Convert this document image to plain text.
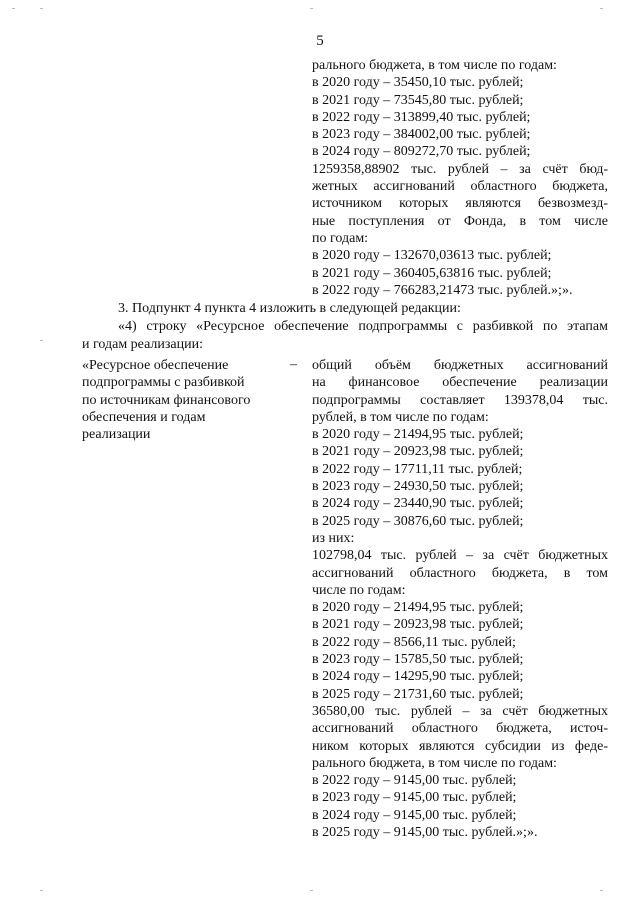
5
рального бюджета, в том числе по годам:
в 2020 году – 35450,10 тыс. рублей;
в 2021 году – 73545,80 тыс. рублей;
в 2022 году – 313899,40 тыс. рублей;
в 2023 году – 384002,00 тыс. рублей;
в 2024 году – 809272,70 тыс. рублей;
1259358,88902 тыс. рублей – за счёт бюд-
жетных ассигнований областного бюджета,
источником которых являются безвозмезд-
ные поступления от Фонда, в том числе
по годам:
в 2020 году – 132670,03613 тыс. рублей;
в 2021 году – 360405,63816 тыс. рублей;
в 2022 году – 766283,21473 тыс. рублей.»;».
3. Подпункт 4 пункта 4 изложить в следующей редакции:
«4) строку «Ресурсное обеспечение подпрограммы с разбивкой по этапам
и годам реализации:
«Ресурсное обеспечение
подпрограммы с разбивкой
по источникам финансового
обеспечения и годам
реализации
– общий объём бюджетных ассигнований
на финансовое обеспечение реализации
подпрограммы составляет 139378,04 тыс.
рублей, в том числе по годам:
в 2020 году – 21494,95 тыс. рублей;
в 2021 году – 20923,98 тыс. рублей;
в 2022 году – 17711,11 тыс. рублей;
в 2023 году – 24930,50 тыс. рублей;
в 2024 году – 23440,90 тыс. рублей;
в 2025 году – 30876,60 тыс. рублей;
из них:
102798,04 тыс. рублей – за счёт бюджетных
ассигнований областного бюджета, в том
числе по годам:
в 2020 году – 21494,95 тыс. рублей;
в 2021 году – 20923,98 тыс. рублей;
в 2022 году – 8566,11 тыс. рублей;
в 2023 году – 15785,50 тыс. рублей;
в 2024 году – 14295,90 тыс. рублей;
в 2025 году – 21731,60 тыс. рублей;
36580,00 тыс. рублей – за счёт бюджетных
ассигнований областного бюджета, источ-
ником которых являются субсидии из феде-
рального бюджета, в том числе по годам:
в 2022 году – 9145,00 тыс. рублей;
в 2023 году – 9145,00 тыс. рублей;
в 2024 году – 9145,00 тыс. рублей;
в 2025 году – 9145,00 тыс. рублей.»;».
